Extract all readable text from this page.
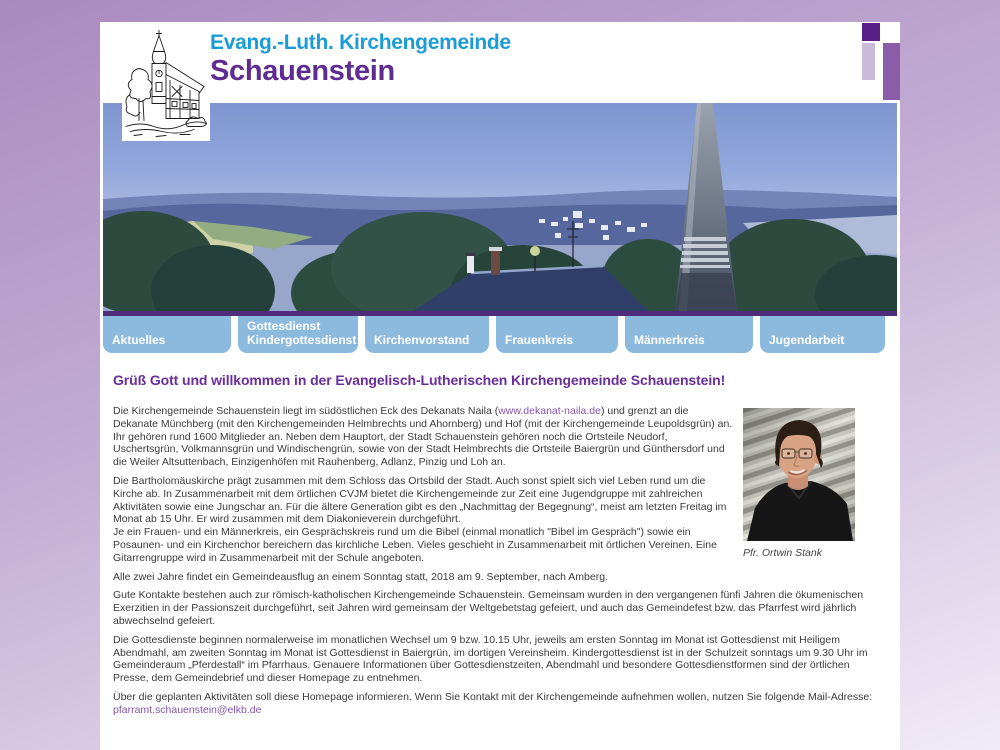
Evang.-Luth. Kirchengemeinde
Schauenstein
Aktuelles
Gottesdienst
Kindergottesdienst Kirchenvorstand	Frauenkreis	Männerkreis	Jugendarbeit
Grüß Gott und willkommen in der Evangelisch-Lutherischen Kirchengemeinde Schauenstein!
Pfr. Ortwin Stank

Die Kirchengemeinde Schauenstein liegt im südöstlichen Eck des Dekanats Naila (www.dekanat-naila.de) und grenzt an die Dekanate Münchberg (mit den Kirchengemeinden Helmbrechts und Ahornberg) und Hof (mit der Kirchengemeinde Leupoldsgrün) an. Ihr gehören rund 1600 Mitglieder an. Neben dem Hauptort, der Stadt Schauenstein gehören noch die Ortsteile Neudorf, Uschertsgrün, Volkmannsgrün und Windischengrün, sowie von der Stadt Helmbrechts die Ortsteile Baiergrün und Günthersdorf und die Weiler Altsuttenbach, Einzigenhöfen mit Rauhenberg, Adlanz, Pinzig und Loh an.

Die Bartholomäuskirche prägt zusammen mit dem Schloss das Ortsbild der Stadt. Auch sonst spielt sich viel Leben rund um die Kirche ab. In Zusammenarbeit mit dem örtlichen CVJM bietet die Kirchengemeinde zur Zeit eine Jugendgruppe mit zahlreichen Aktivitäten sowie eine Jungschar an. Für die ältere Generation gibt es den „Nachmittag der Begegnung“, meist am letzten Freitag im Monat ab 15 Uhr. Er wird zusammen mit dem Diakonieverein durchgeführt.
Je ein Frauen- und ein Männerkreis, ein Gesprächskreis rund um die Bibel (einmal monatlich "Bibel im Gespräch") sowie ein Posaunen- und ein Kirchenchor bereichern das kirchliche Leben. Vieles geschieht in Zusammenarbeit mit örtlichen Vereinen. Eine Gitarrengruppe wird in Zusammenarbeit mit der Schule angeboten.

Alle zwei Jahre findet ein Gemeindeausflug an einem Sonntag statt, 2018 am 9. September, nach Amberg.

Gute Kontakte bestehen auch zur römisch-katholischen Kirchengemeinde Schauenstein. Gemeinsam wurden in den vergangenen fünfi Jahren die ökumenischen Exerzitien in der Passionszeit durchgeführt, seit Jahren wird gemeinsam der Weltgebetstag gefeiert, und auch das Gemeindefest bzw. das Pfarrfest wird jährlich abwechselnd gefeiert.

Die Gottesdienste beginnen normalerweise im monatlichen Wechsel um 9 bzw. 10.15 Uhr, jeweils am ersten Sonntag im Monat ist Gottesdienst mit Heiligem Abendmahl, am zweiten Sonntag im Monat ist Gottesdienst in Baiergrün, im dortigen Vereinsheim. Kindergottesdienst ist in der Schulzeit sonntags um 9.30 Uhr im Gemeinderaum „Pferdestall“ im Pfarrhaus. Genauere Informationen über Gottesdienstzeiten, Abendmahl und besondere Gottesdienstformen sind der örtlichen Presse, dem Gemeindebrief und dieser Homepage zu entnehmen.

Über die geplanten Aktivitäten soll diese Homepage informieren. Wenn Sie Kontakt mit der Kirchengemeinde aufnehmen wollen, nutzen Sie folgende Mail-Adresse:
pfarramt.schauenstein@elkb.de
